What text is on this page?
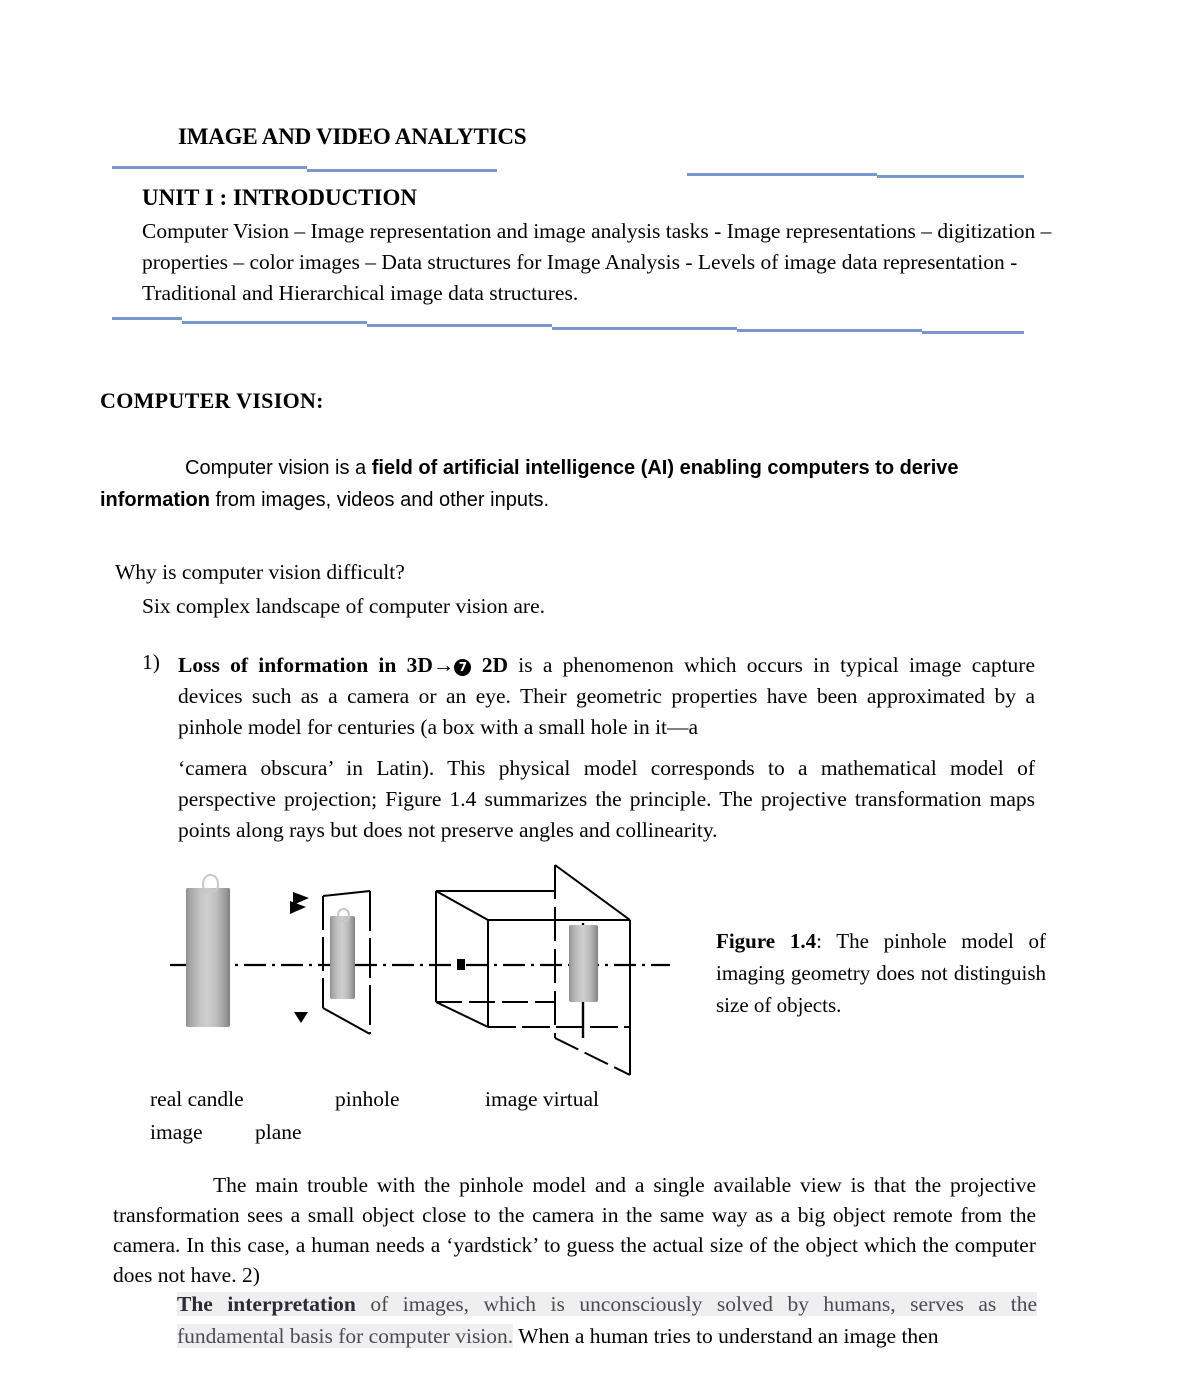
IMAGE AND VIDEO ANALYTICS
UNIT I : INTRODUCTION
Computer Vision – Image representation and image analysis tasks - Image representations – digitization – properties – color images – Data structures for Image Analysis - Levels of image data representation - Traditional and Hierarchical image data structures.
COMPUTER VISION:
Computer vision is a field of artificial intelligence (AI) enabling computers to derive information from images, videos and other inputs.
Why is computer vision difficult?
Six complex landscape of computer vision are.
1) Loss of information in 3D→ 7 2D is a phenomenon which occurs in typical image capture devices such as a camera or an eye. Their geometric properties have been approximated by a pinhole model for centuries (a box with a small hole in it—a
‘camera obscura’ in Latin). This physical model corresponds to a mathematical model of perspective projection; Figure 1.4 summarizes the principle. The projective transformation maps points along rays but does not preserve angles and collinearity.
Figure 1.4: The pinhole model of imaging geometry does not distinguish size of objects.
real candle	pinhole	image virtual
image plane
The main trouble with the pinhole model and a single available view is that the projective transformation sees a small object close to the camera in the same way as a big object remote from the camera. In this case, a human needs a ‘yardstick’ to guess the actual size of the object which the computer does not have. 2)
The interpretation of images, which is unconsciously solved by humans, serves as the fundamental basis for computer vision. When a human tries to understand an image then
